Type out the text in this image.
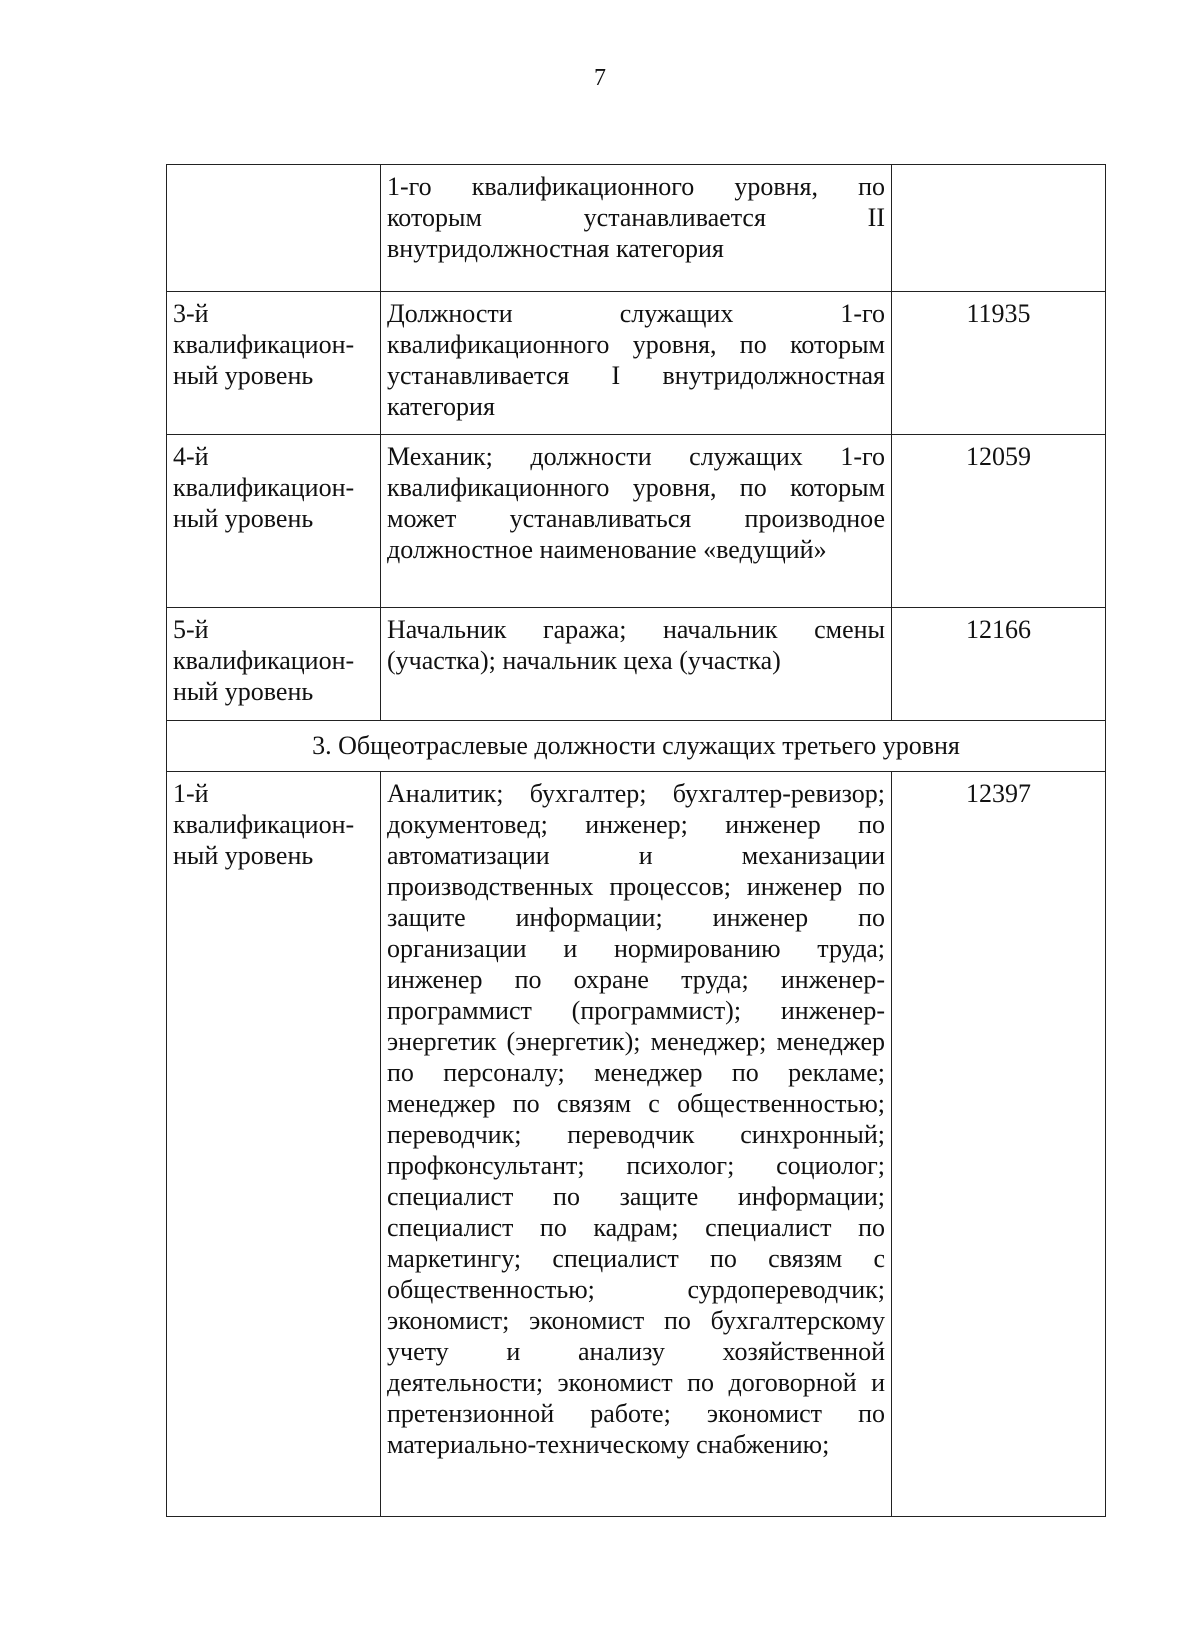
7
	1-го квалификационного уровня, по которым устанавливается II внутридолжностная категория	
3-й квалификацион-ный уровень	Должности служащих 1-го квалификационного уровня, по которым устанавливается I внутридолжностная категория	11935
4-й квалификацион-ный уровень	Механик; должности служащих 1-го квалификационного уровня, по которым может устанавливаться производное должностное наименование «ведущий»	12059
5-й квалификацион-ный уровень	Начальник гаража; начальник смены (участка); начальник цеха (участка)	12166
3. Общеотраслевые должности служащих третьего уровня		
1-й квалификацион-ный уровень	Аналитик; бухгалтер; бухгалтер-ревизор; документовед; инженер; инженер по автоматизации и механизации производственных процессов; инженер по защите информации; инженер по организации и нормированию труда; инженер по охране труда; инженер-программист (программист); инженер-энергетик (энергетик); менеджер; менеджер по персоналу; менеджер по рекламе; менеджер по связям с общественностью; переводчик; переводчик синхронный; профконсультант; психолог; социолог; специалист по защите информации; специалист по кадрам; специалист по маркетингу; специалист по связям с общественностью; сурдопереводчик; экономист; экономист по бухгалтерскому учету и анализу хозяйственной деятельности; экономист по договорной и претензионной работе; экономист по материально-техническому снабжению;	12397
